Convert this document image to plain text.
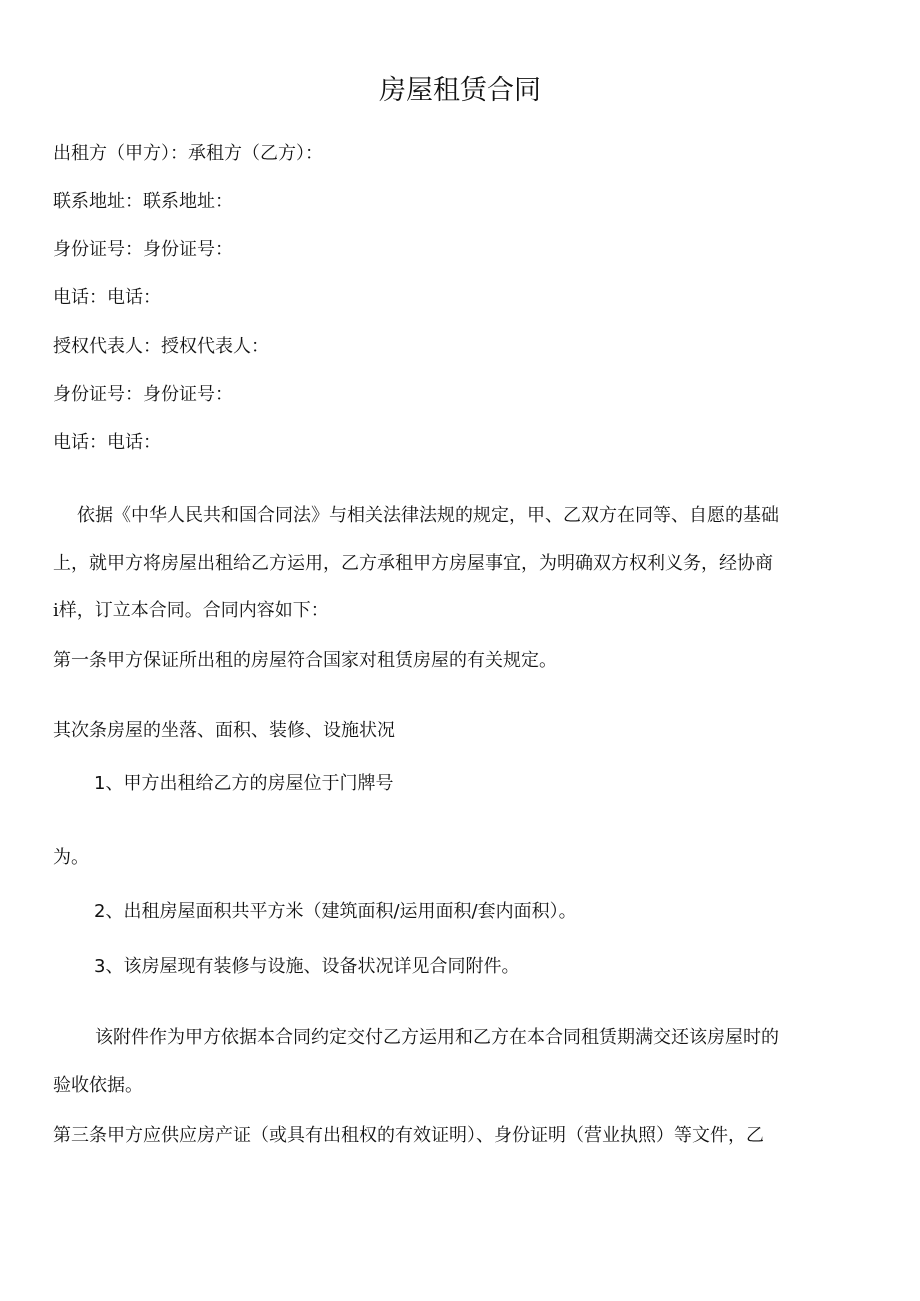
房屋租赁合同

出租方（甲方）：承租方（乙方）：

联系地址：联系地址：

身份证号：身份证号：

电话：电话：

授权代表人：授权代表人：

身份证号：身份证号：

电话：电话：

依据《中华人民共和国合同法》与相关法律法规的规定，甲、乙双方在同等、自愿的基础

上，就甲方将房屋出租给乙方运用，乙方承租甲方房屋事宜，为明确双方权利义务，经协商

i样，订立本合同。合同内容如下：

第一条甲方保证所出租的房屋符合国家对租赁房屋的有关规定。

其次条房屋的坐落、面积、装修、设施状况

1、甲方出租给乙方的房屋位于门牌号

为。

2、出租房屋面积共平方米（建筑面积/运用面积/套内面积）。

3、该房屋现有装修与设施、设备状况详见合同附件。

该附件作为甲方依据本合同约定交付乙方运用和乙方在本合同租赁期满交还该房屋时的

验收依据。

第三条甲方应供应房产证（或具有出租权的有效证明）、身份证明（营业执照）等文件，乙
